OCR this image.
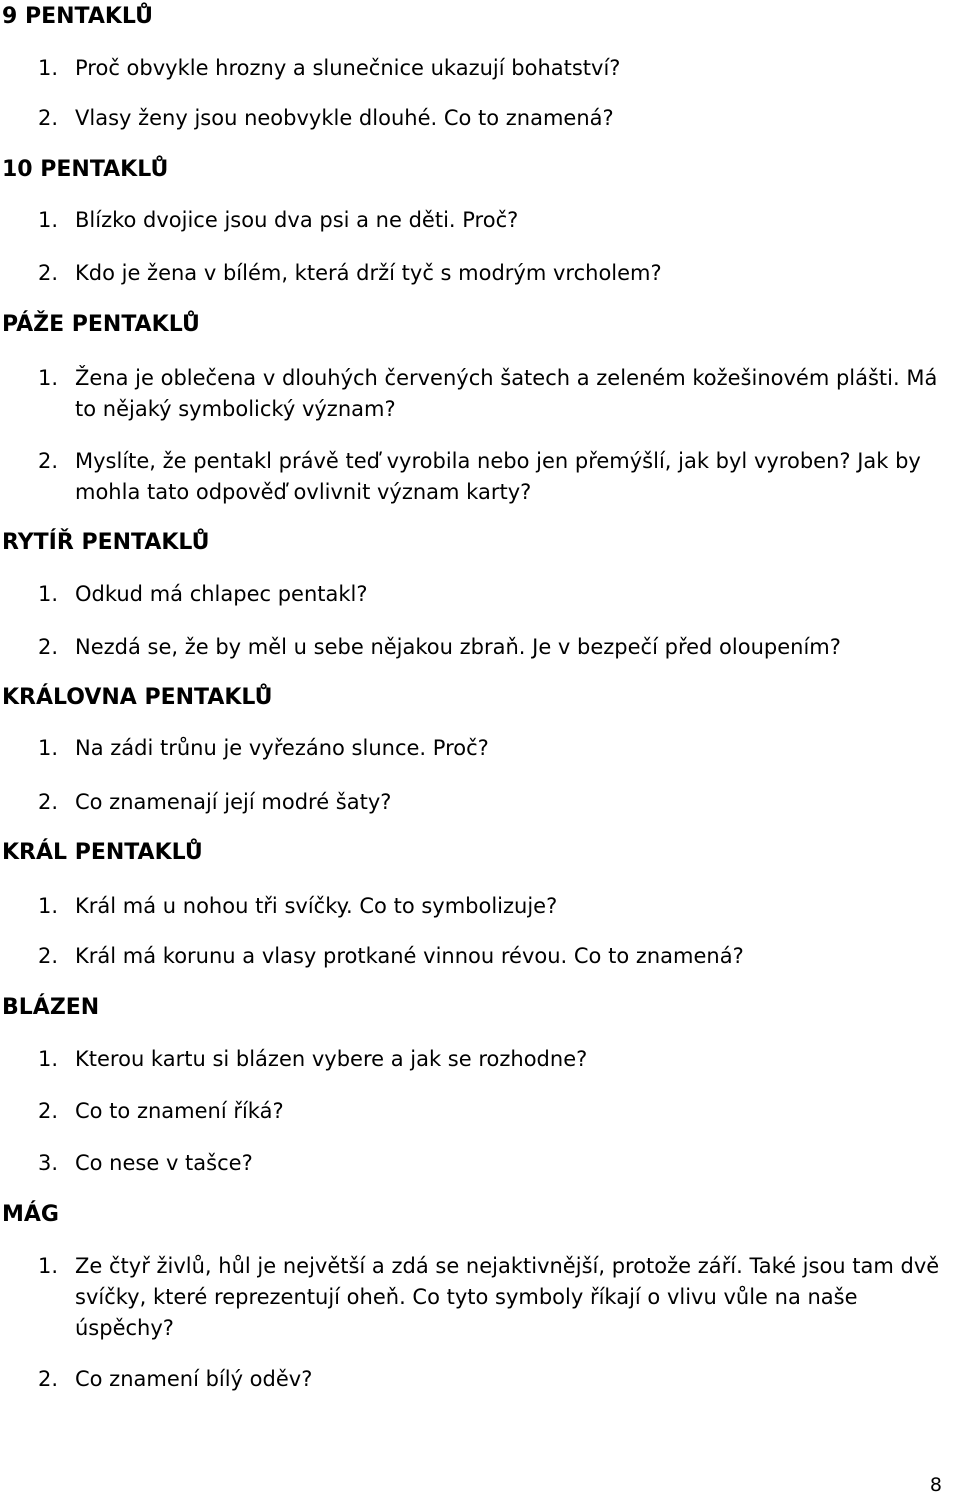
9 PENTAKLŮ
1. Proč obvykle hrozny a slunečnice ukazují bohatství?
2. Vlasy ženy jsou neobvykle dlouhé. Co to znamená?
10 PENTAKLŮ
1. Blízko dvojice jsou dva psi a ne děti. Proč?
2. Kdo je žena v bílém, která drží tyč s modrým vrcholem?
PÁŽE PENTAKLŮ
1. Žena je oblečena v dlouhých červených šatech a zeleném kožešinovém plášti. Má to nějaký symbolický význam?
2. Myslíte, že pentakl právě teď vyrobila nebo jen přemýšlí, jak byl vyroben? Jak by mohla tato odpověď ovlivnit význam karty?
RYTÍŘ PENTAKLŮ
1. Odkud má chlapec pentakl?
2. Nezdá se, že by měl u sebe nějakou zbraň. Je v bezpečí před oloupením?
KRÁLOVNA PENTAKLŮ
1. Na zádi trůnu je vyřezáno slunce. Proč?
2. Co znamenají její modré šaty?
KRÁL PENTAKLŮ
1. Král má u nohou tři svíčky. Co to symbolizuje?
2. Král má korunu a vlasy protkané vinnou révou. Co to znamená?
BLÁZEN
1. Kterou kartu si blázen vybere a jak se rozhodne?
2. Co to znamení říká?
3. Co nese v tašce?
MÁG
1. Ze čtyř živlů, hůl je největší a zdá se nejaktivnější, protože září. Také jsou tam dvě svíčky, které reprezentují oheň. Co tyto symboly říkají o vlivu vůle na naše úspěchy?
2. Co znamení bílý oděv?
8
